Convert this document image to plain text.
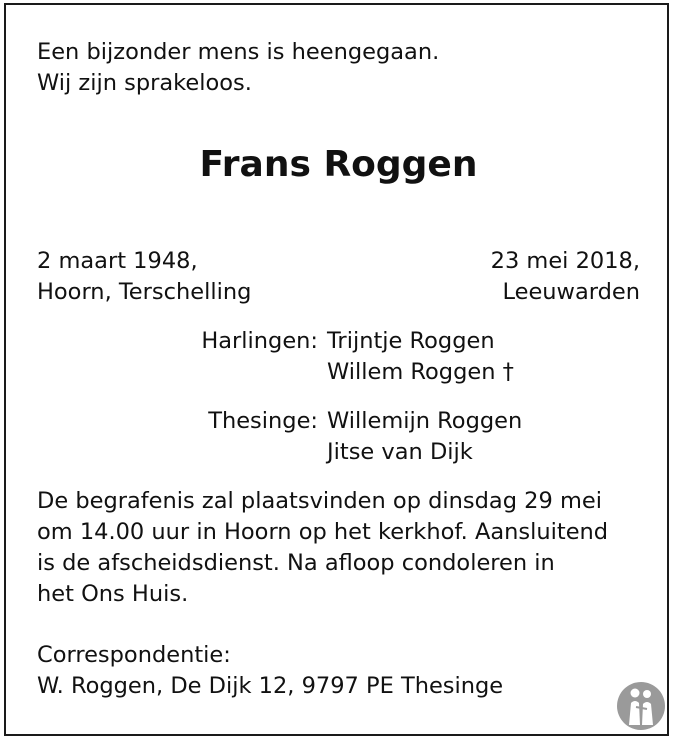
Een bijzonder mens is heengegaan.
Wij zijn sprakeloos.
Frans Roggen
2 maart 1948,
Hoorn, Terschelling
23 mei 2018,
Leeuwarden
Harlingen: Trijntje Roggen
Willem Roggen †
Thesinge: Willemijn Roggen
Jitse van Dijk
De begrafenis zal plaatsvinden op dinsdag 29 mei
om 14.00 uur in Hoorn op het kerkhof. Aansluitend
is de afscheidsdienst. Na afloop condoleren in
het Ons Huis.
Correspondentie:
W. Roggen, De Dijk 12, 9797 PE Thesinge
